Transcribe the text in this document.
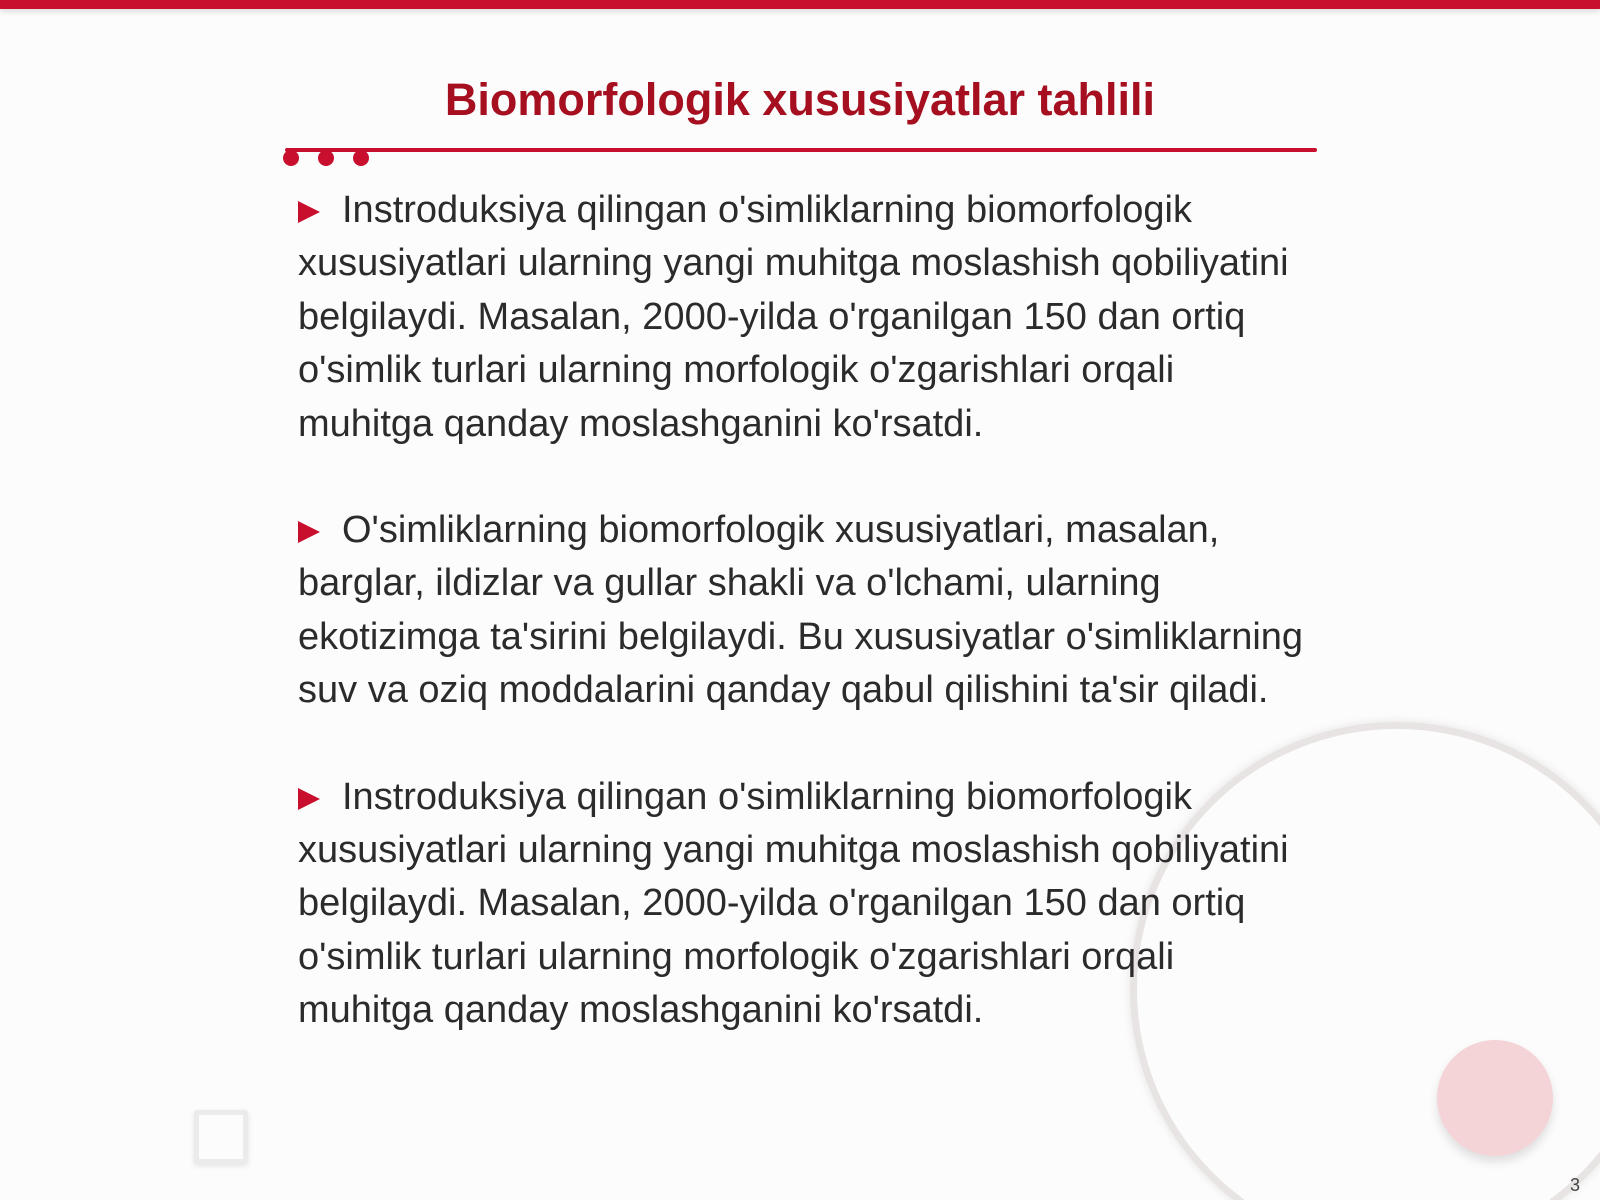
Biomorfologik xususiyatlar tahlili

Instroduksiya qilingan o'simliklarning biomorfologik xususiyatlari ularning yangi muhitga moslashish qobiliyatini belgilaydi. Masalan, 2000-yilda o'rganilgan 150 dan ortiq o'simlik turlari ularning morfologik o'zgarishlari orqali muhitga qanday moslashganini ko'rsatdi.

O'simliklarning biomorfologik xususiyatlari, masalan, barglar, ildizlar va gullar shakli va o'lchami, ularning ekotizimga ta'sirini belgilaydi. Bu xususiyatlar o'simliklarning suv va oziq moddalarini qanday qabul qilishini ta'sir qiladi.

Instroduksiya qilingan o'simliklarning biomorfologik xususiyatlari ularning yangi muhitga moslashish qobiliyatini belgilaydi. Masalan, 2000-yilda o'rganilgan 150 dan ortiq o'simlik turlari ularning morfologik o'zgarishlari orqali muhitga qanday moslashganini ko'rsatdi.

3
